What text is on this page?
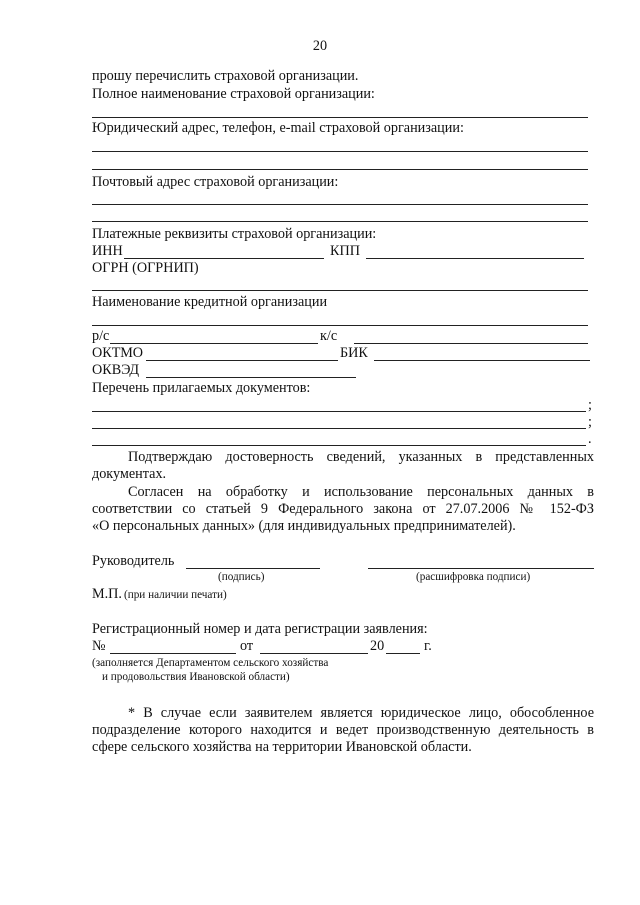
20
прошу перечислить страховой организации.
Полное наименование страховой организации:
Юридический адрес, телефон, e-mail страховой организации:
Почтовый адрес страховой организации:
Платежные реквизиты страховой организации:
ИНН	КПП
ОГРН (ОГРНИП)
Наименование кредитной организации
р/с	к/с
ОКТМО	БИК
ОКВЭД
Перечень прилагаемых документов:
;
;
.
Подтверждаю достоверность сведений, указанных в представленных
документах.
Согласен на обработку и использование персональных данных в
соответствии со статьей 9 Федерального закона от 27.07.2006 № 152-ФЗ
«О персональных данных» (для индивидуальных предпринимателей).
Руководитель
(подпись)	(расшифровка подписи)
М.П. (при наличии печати)
Регистрационный номер и дата регистрации заявления:
№	от	20	г.
(заполняется Департаментом сельского хозяйства
и продовольствия Ивановской области)
* В случае если заявителем является юридическое лицо, обособленное
подразделение которого находится и ведет производственную деятельность в
сфере сельского хозяйства на территории Ивановской области.
